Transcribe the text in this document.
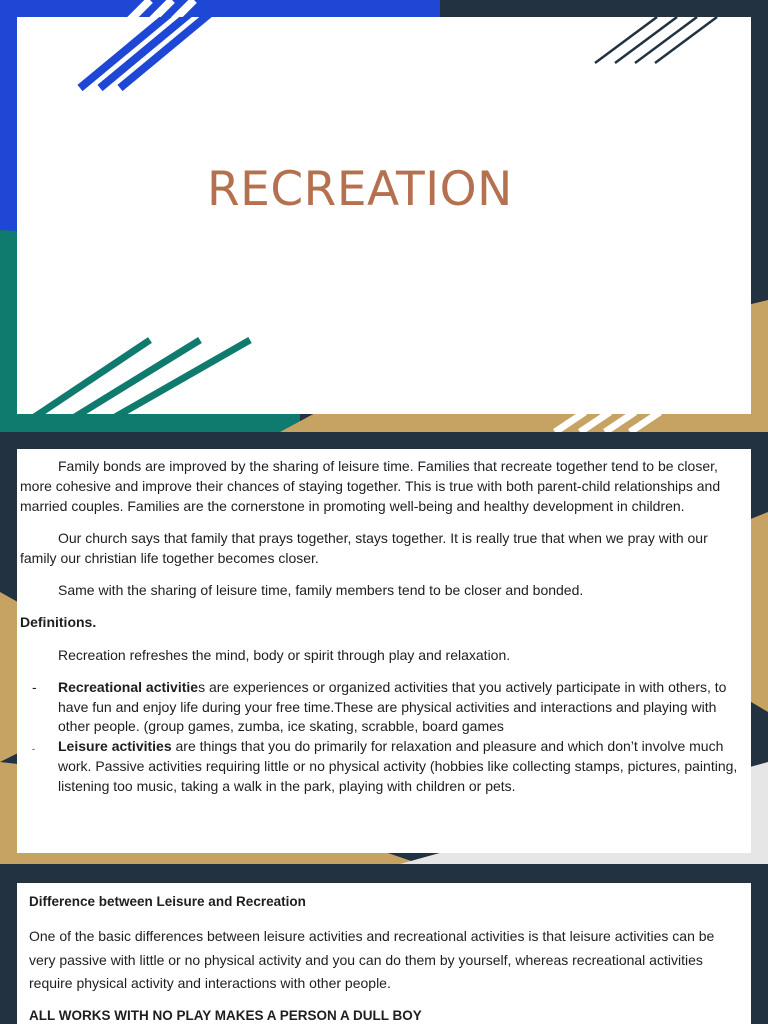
RECREATION

Family bonds are improved by the sharing of leisure time. Families that recreate together tend to be closer, more cohesive and improve their chances of staying together. This is true with both parent-child relationships and married couples. Families are the cornerstone in promoting well-being and healthy development in children.

Our church says that family that prays together, stays together. It is really true that when we pray with our family our christian life together becomes closer.

Same with the sharing of leisure time, family members tend to be closer and bonded.

Definitions.

Recreation refreshes the mind, body or spirit through play and relaxation.

- Recreational activities are experiences or organized activities that you actively participate in with others, to have fun and enjoy life during your free time.These are physical activities and interactions and playing with other people. (group games, zumba, ice skating, scrabble, board games

- Leisure activities are things that you do primarily for relaxation and pleasure and which don’t involve much work. Passive activities requiring little or no physical activity (hobbies like collecting stamps, pictures, painting, listening too music, taking a walk in the park, playing with children or pets.

Difference between Leisure and Recreation
One of the basic differences between leisure activities and recreational activities is that leisure activities can be very passive with little or no physical activity and you can do them by yourself, whereas recreational activities require physical activity and interactions with other people.
ALL WORKS WITH NO PLAY MAKES A PERSON A DULL BOY
